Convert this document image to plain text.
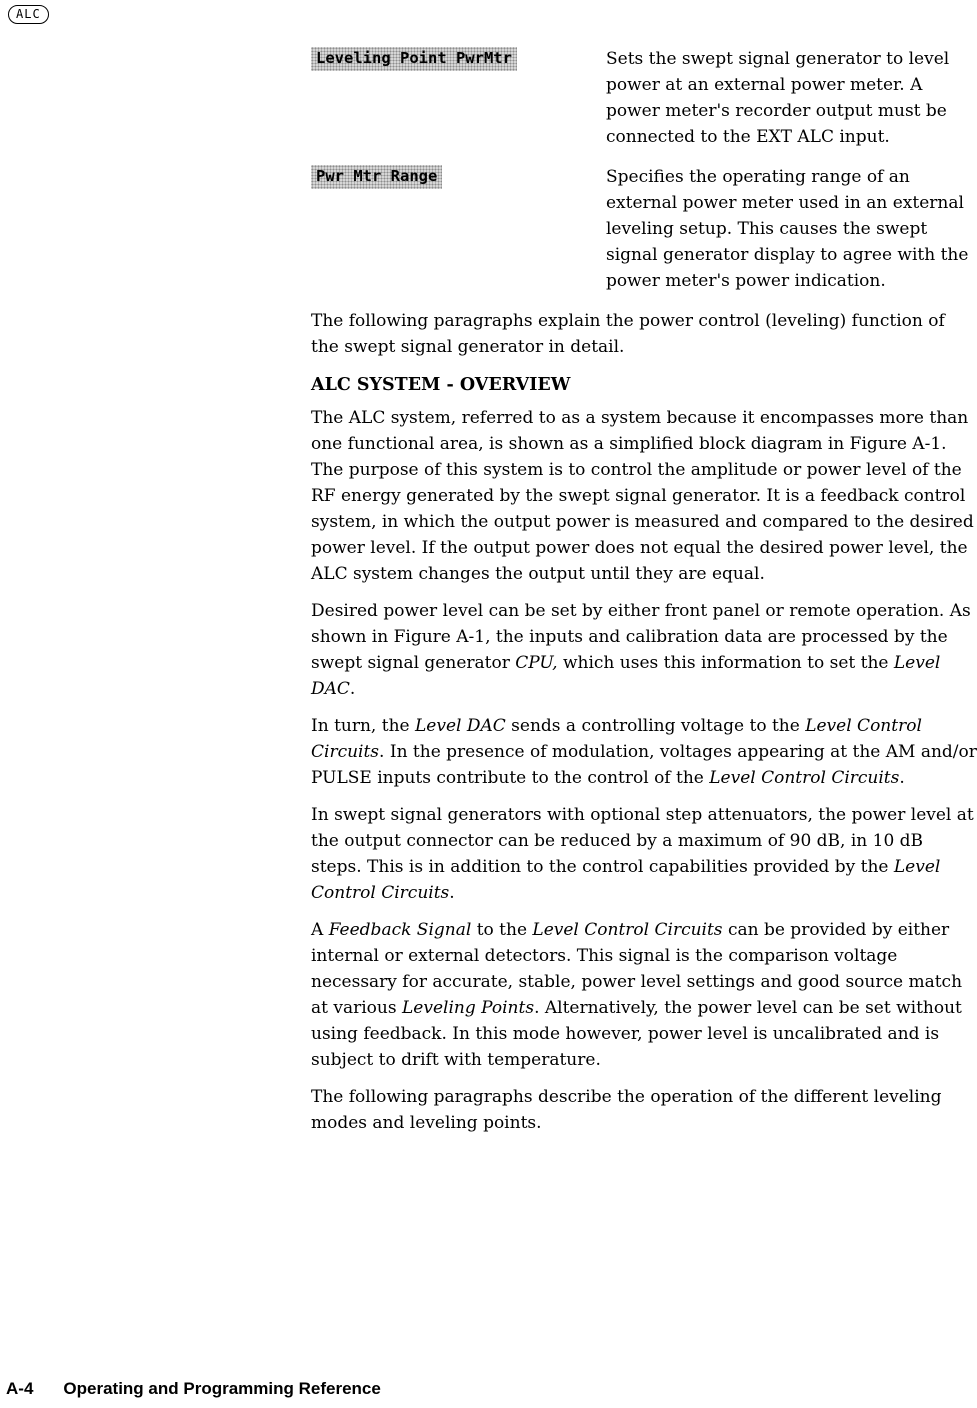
ALC
Leveling Point PwrMtr	Sets the swept signal generator to level power at an external power meter. A power meter's recorder output must be connected to the EXT ALC input.
Pwr Mtr Range	Specifies the operating range of an external power meter used in an external leveling setup. This causes the swept signal generator display to agree with the power meter's power indication.

The following paragraphs explain the power control (leveling) function of the swept signal generator in detail.

ALC SYSTEM - OVERVIEW

The ALC system, referred to as a system because it encompasses more than one functional area, is shown as a simplified block diagram in Figure A-1. The purpose of this system is to control the amplitude or power level of the RF energy generated by the swept signal generator. It is a feedback control system, in which the output power is measured and compared to the desired power level. If the output power does not equal the desired power level, the ALC system changes the output until they are equal.

Desired power level can be set by either front panel or remote operation. As shown in Figure A-1, the inputs and calibration data are processed by the swept signal generator CPU, which uses this information to set the Level DAC.

In turn, the Level DAC sends a controlling voltage to the Level Control Circuits. In the presence of modulation, voltages appearing at the AM and/or PULSE inputs contribute to the control of the Level Control Circuits.

In swept signal generators with optional step attenuators, the power level at the output connector can be reduced by a maximum of 90 dB, in 10 dB steps. This is in addition to the control capabilities provided by the Level Control Circuits.

A Feedback Signal to the Level Control Circuits can be provided by either internal or external detectors. This signal is the comparison voltage necessary for accurate, stable, power level settings and good source match at various Leveling Points. Alternatively, the power level can be set without using feedback. In this mode however, power level is uncalibrated and is subject to drift with temperature.

The following paragraphs describe the operation of the different leveling modes and leveling points.

A-4 Operating and Programming Reference
